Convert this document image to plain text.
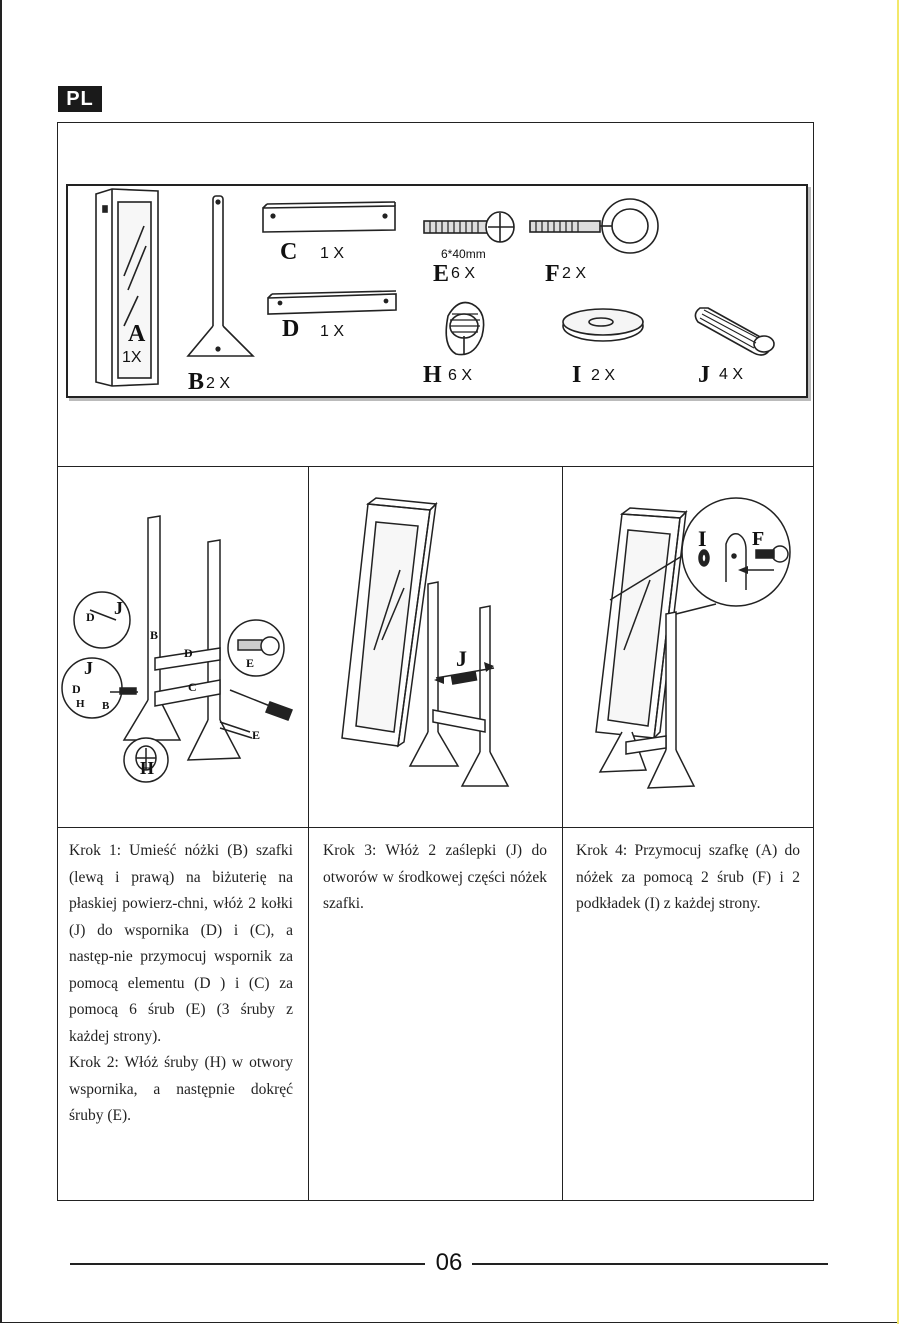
PL
A
B
C
D
E	F
H	I	J
1X
2 X
1 X
1 X
6 X	2 X
6 X	2 X	4 X
6*40mm
D J
B
D
E
J
C
D
H B
E
H
J
I F

Krok 1: Umieść nóżki (B) szafki (lewą i prawą) na biżuterię na płaskiej powierz-chni, włóż 2 kołki (J) do wspornika (D) i (C), a następ-nie przymocuj wspornik za pomocą elementu (D ) i (C) za pomocą 6 śrub (E) (3 śruby z każdej strony).

Krok 2: Włóż śruby (H) w otwory wspornika, a następnie dokręć śruby (E).

Krok 3: Włóż 2 zaślepki (J) do otworów w środkowej części nóżek szafki.

Krok 4: Przymocuj szafkę (A) do nóżek za pomocą 2 śrub (F) i 2 podkładek (I) z każdej strony.

06
